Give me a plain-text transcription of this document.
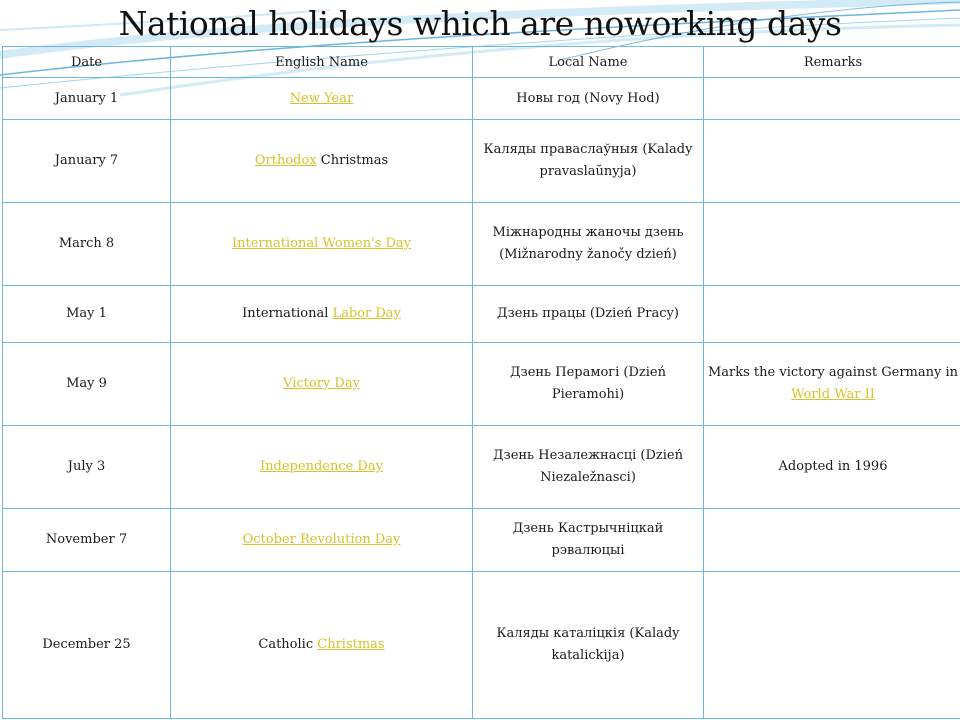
National holidays which are noworking days
Date	English Name	Local Name	Remarks
January 1	New Year	Новы год (Novy Hod)	
January 7	Orthodox Christmas	Каляды праваслаўныя (Kalady pravaslaŭnyja)	
March 8	International Women's Day	Міжнародны жаночы дзень (Mižnarodny žanočy dzień)	
May 1	International Labor Day	Дзень працы (Dzień Pracy)	
May 9	Victory Day	Дзень Перамогі (Dzień Pieramohi)	Marks the victory against Germany in World War II
July 3	Independence Day	Дзень Незалежнасці (Dzień Niezaležnasci)	Adopted in 1996
November 7	October Revolution Day	Дзень Кастрычніцкай рэвалюцыі	
December 25	Catholic Christmas	Каляды каталіцкія (Kalady katalickija)	
